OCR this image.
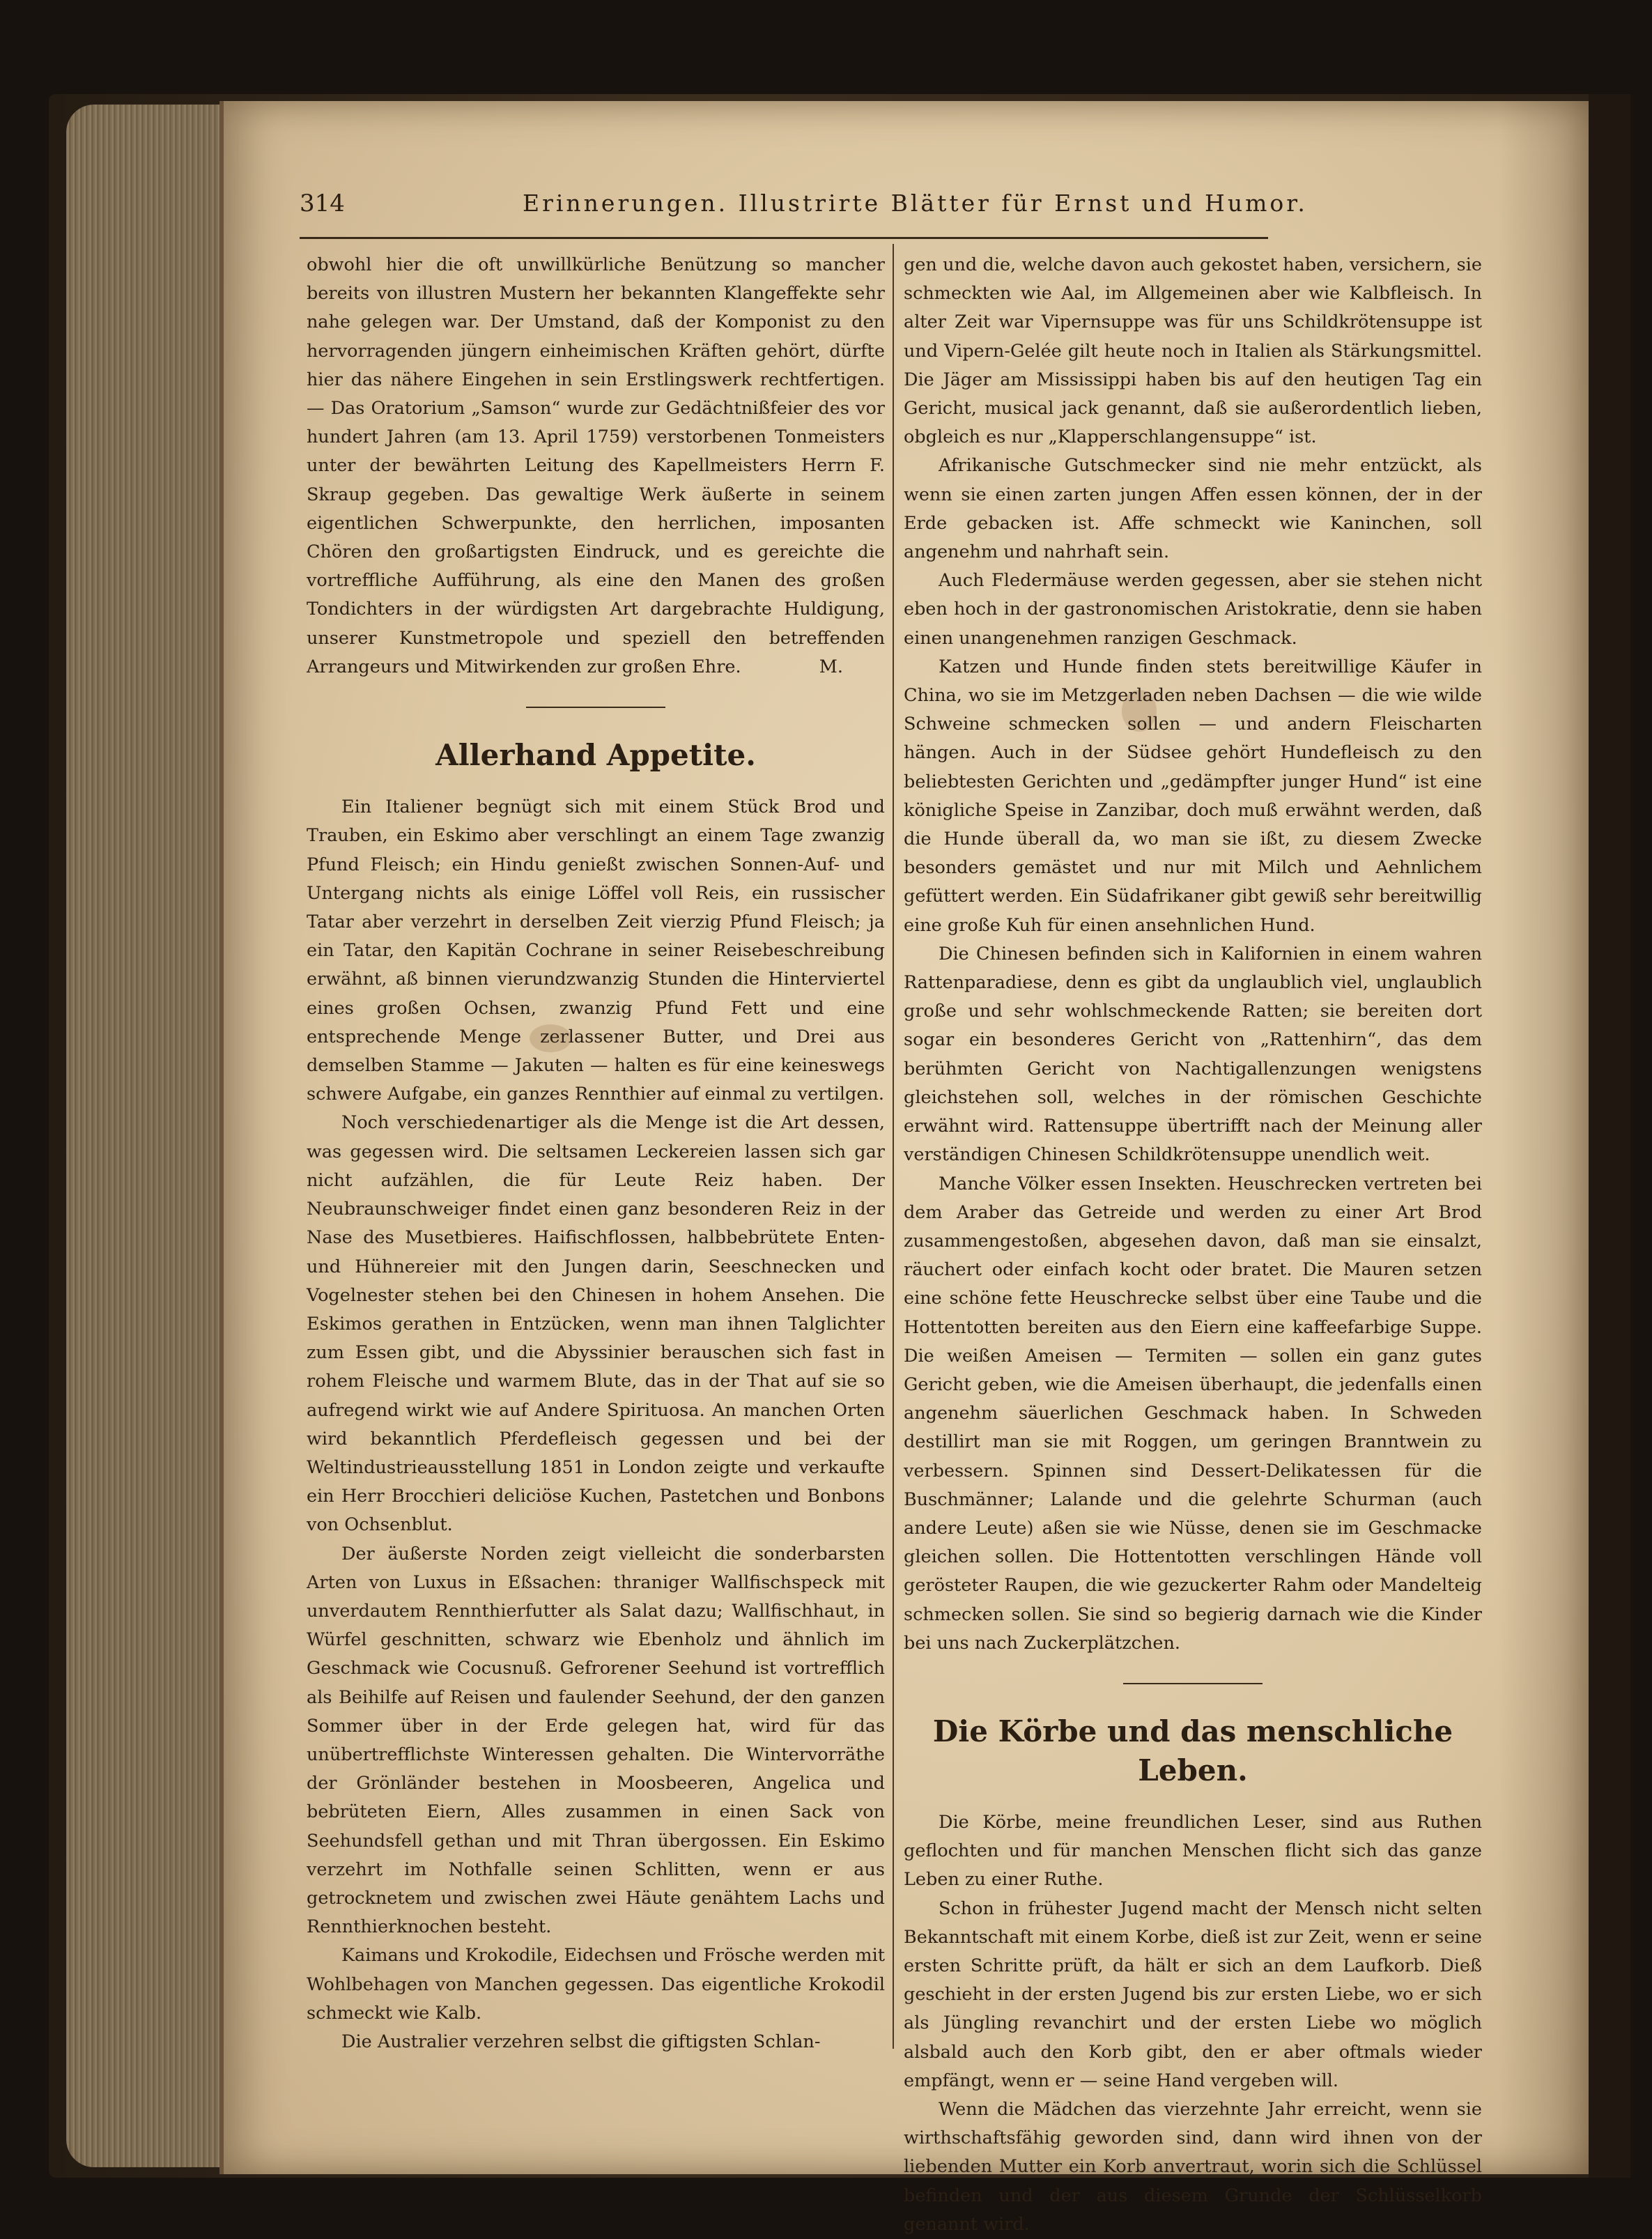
314	Erinnerungen. Illustrirte Blätter für Ernst und Humor.

obwohl hier die oft unwillkürliche Benützung so mancher bereits von illustren Mustern her bekannten Klangeffekte sehr nahe gelegen war. Der Umstand, daß der Komponist zu den hervorragenden jüngern einheimischen Kräften gehört, dürfte hier das nähere Eingehen in sein Erstlingswerk rechtfertigen. — Das Oratorium „Samson“ wurde zur Gedächtnißfeier des vor hundert Jahren (am 13. April 1759) verstorbenen Tonmeisters unter der bewährten Leitung des Kapellmeisters Herrn F. Skraup gegeben. Das gewaltige Werk äußerte in seinem eigentlichen Schwerpunkte, den herrlichen, imposanten Chören den großartigsten Eindruck, und es gereichte die vortreffliche Aufführung, als eine den Manen des großen Tondichters in der würdigsten Art dargebrachte Huldigung, unserer Kunstmetropole und speziell den betreffenden Arrangeurs und Mitwirkenden zur großen Ehre.	M.
Allerhand Appetite.

Ein Italiener begnügt sich mit einem Stück Brod und Trauben, ein Eskimo aber verschlingt an einem Tage zwanzig Pfund Fleisch; ein Hindu genießt zwischen Sonnen-Auf- und Untergang nichts als einige Löffel voll Reis, ein russischer Tatar aber verzehrt in derselben Zeit vierzig Pfund Fleisch; ja ein Tatar, den Kapitän Cochrane in seiner Reisebeschreibung erwähnt, aß binnen vierundzwanzig Stunden die Hinterviertel eines großen Ochsen, zwanzig Pfund Fett und eine entsprechende Menge zerlassener Butter, und Drei aus demselben Stamme — Jakuten — halten es für eine keineswegs schwere Aufgabe, ein ganzes Rennthier auf einmal zu vertilgen.

Noch verschiedenartiger als die Menge ist die Art dessen, was gegessen wird. Die seltsamen Leckereien lassen sich gar nicht aufzählen, die für Leute Reiz haben. Der Neubraunschweiger findet einen ganz besonderen Reiz in der Nase des Musetbieres. Haifischflossen, halbbebrütete Enten- und Hühnereier mit den Jungen darin, Seeschnecken und Vogelnester stehen bei den Chinesen in hohem Ansehen. Die Eskimos gerathen in Entzücken, wenn man ihnen Talglichter zum Essen gibt, und die Abyssinier berauschen sich fast in rohem Fleische und warmem Blute, das in der That auf sie so aufregend wirkt wie auf Andere Spirituosa. An manchen Orten wird bekanntlich Pferdefleisch gegessen und bei der Weltindustrieausstellung 1851 in London zeigte und verkaufte ein Herr Brocchieri deliciöse Kuchen, Pastetchen und Bonbons von Ochsenblut.

Der äußerste Norden zeigt vielleicht die sonderbarsten Arten von Luxus in Eßsachen: thraniger Wallfischspeck mit unverdautem Rennthierfutter als Salat dazu; Wallfischhaut, in Würfel geschnitten, schwarz wie Ebenholz und ähnlich im Geschmack wie Cocusnuß. Gefrorener Seehund ist vortrefflich als Beihilfe auf Reisen und faulender Seehund, der den ganzen Sommer über in der Erde gelegen hat, wird für das unübertrefflichste Winteressen gehalten. Die Wintervorräthe der Grönländer bestehen in Moosbeeren, Angelica und bebrüteten Eiern, Alles zusammen in einen Sack von Seehundsfell gethan und mit Thran übergossen. Ein Eskimo verzehrt im Nothfalle seinen Schlitten, wenn er aus getrocknetem und zwischen zwei Häute genähtem Lachs und Rennthierknochen besteht.

Kaimans und Krokodile, Eidechsen und Frösche werden mit Wohlbehagen von Manchen gegessen. Das eigentliche Krokodil schmeckt wie Kalb.

Die Australier verzehren selbst die giftigsten Schlan-

gen und die, welche davon auch gekostet haben, versichern, sie schmeckten wie Aal, im Allgemeinen aber wie Kalbfleisch. In alter Zeit war Vipernsuppe was für uns Schildkrötensuppe ist und Vipern-Gelée gilt heute noch in Italien als Stärkungsmittel. Die Jäger am Mississippi haben bis auf den heutigen Tag ein Gericht, musical jack genannt, daß sie außerordentlich lieben, obgleich es nur „Klapperschlangensuppe“ ist.

Afrikanische Gutschmecker sind nie mehr entzückt, als wenn sie einen zarten jungen Affen essen können, der in der Erde gebacken ist. Affe schmeckt wie Kaninchen, soll angenehm und nahrhaft sein.

Auch Fledermäuse werden gegessen, aber sie stehen nicht eben hoch in der gastronomischen Aristokratie, denn sie haben einen unangenehmen ranzigen Geschmack.

Katzen und Hunde finden stets bereitwillige Käufer in China, wo sie im Metzgerladen neben Dachsen — die wie wilde Schweine schmecken sollen — und andern Fleischarten hängen. Auch in der Südsee gehört Hundefleisch zu den beliebtesten Gerichten und „gedämpfter junger Hund“ ist eine königliche Speise in Zanzibar, doch muß erwähnt werden, daß die Hunde überall da, wo man sie ißt, zu diesem Zwecke besonders gemästet und nur mit Milch und Aehnlichem gefüttert werden. Ein Südafrikaner gibt gewiß sehr bereitwillig eine große Kuh für einen ansehnlichen Hund.

Die Chinesen befinden sich in Kalifornien in einem wahren Rattenparadiese, denn es gibt da unglaublich viel, unglaublich große und sehr wohlschmeckende Ratten; sie bereiten dort sogar ein besonderes Gericht von „Rattenhirn“, das dem berühmten Gericht von Nachtigallenzungen wenigstens gleichstehen soll, welches in der römischen Geschichte erwähnt wird. Rattensuppe übertrifft nach der Meinung aller verständigen Chinesen Schildkrötensuppe unendlich weit.

Manche Völker essen Insekten. Heuschrecken vertreten bei dem Araber das Getreide und werden zu einer Art Brod zusammengestoßen, abgesehen davon, daß man sie einsalzt, räuchert oder einfach kocht oder bratet. Die Mauren setzen eine schöne fette Heuschrecke selbst über eine Taube und die Hottentotten bereiten aus den Eiern eine kaffeefarbige Suppe. Die weißen Ameisen — Termiten — sollen ein ganz gutes Gericht geben, wie die Ameisen überhaupt, die jedenfalls einen angenehm säuerlichen Geschmack haben. In Schweden destillirt man sie mit Roggen, um geringen Branntwein zu verbessern. Spinnen sind Dessert-Delikatessen für die Buschmänner; Lalande und die gelehrte Schurman (auch andere Leute) aßen sie wie Nüsse, denen sie im Geschmacke gleichen sollen. Die Hottentotten verschlingen Hände voll gerösteter Raupen, die wie gezuckerter Rahm oder Mandelteig schmecken sollen. Sie sind so begierig darnach wie die Kinder bei uns nach Zuckerplätzchen.

Die Körbe und das menschliche Leben.

Die Körbe, meine freundlichen Leser, sind aus Ruthen geflochten und für manchen Menschen flicht sich das ganze Leben zu einer Ruthe.

Schon in frühester Jugend macht der Mensch nicht selten Bekanntschaft mit einem Korbe, dieß ist zur Zeit, wenn er seine ersten Schritte prüft, da hält er sich an dem Laufkorb. Dieß geschieht in der ersten Jugend bis zur ersten Liebe, wo er sich als Jüngling revanchirt und der ersten Liebe wo möglich alsbald auch den Korb gibt, den er aber oftmals wieder empfängt, wenn er — seine Hand vergeben will.

Wenn die Mädchen das vierzehnte Jahr erreicht, wenn sie wirthschaftsfähig geworden sind, dann wird ihnen von der liebenden Mutter ein Korb anvertraut, worin sich die Schlüssel befinden und der aus diesem Grunde der Schlüsselkorb genannt wird.
